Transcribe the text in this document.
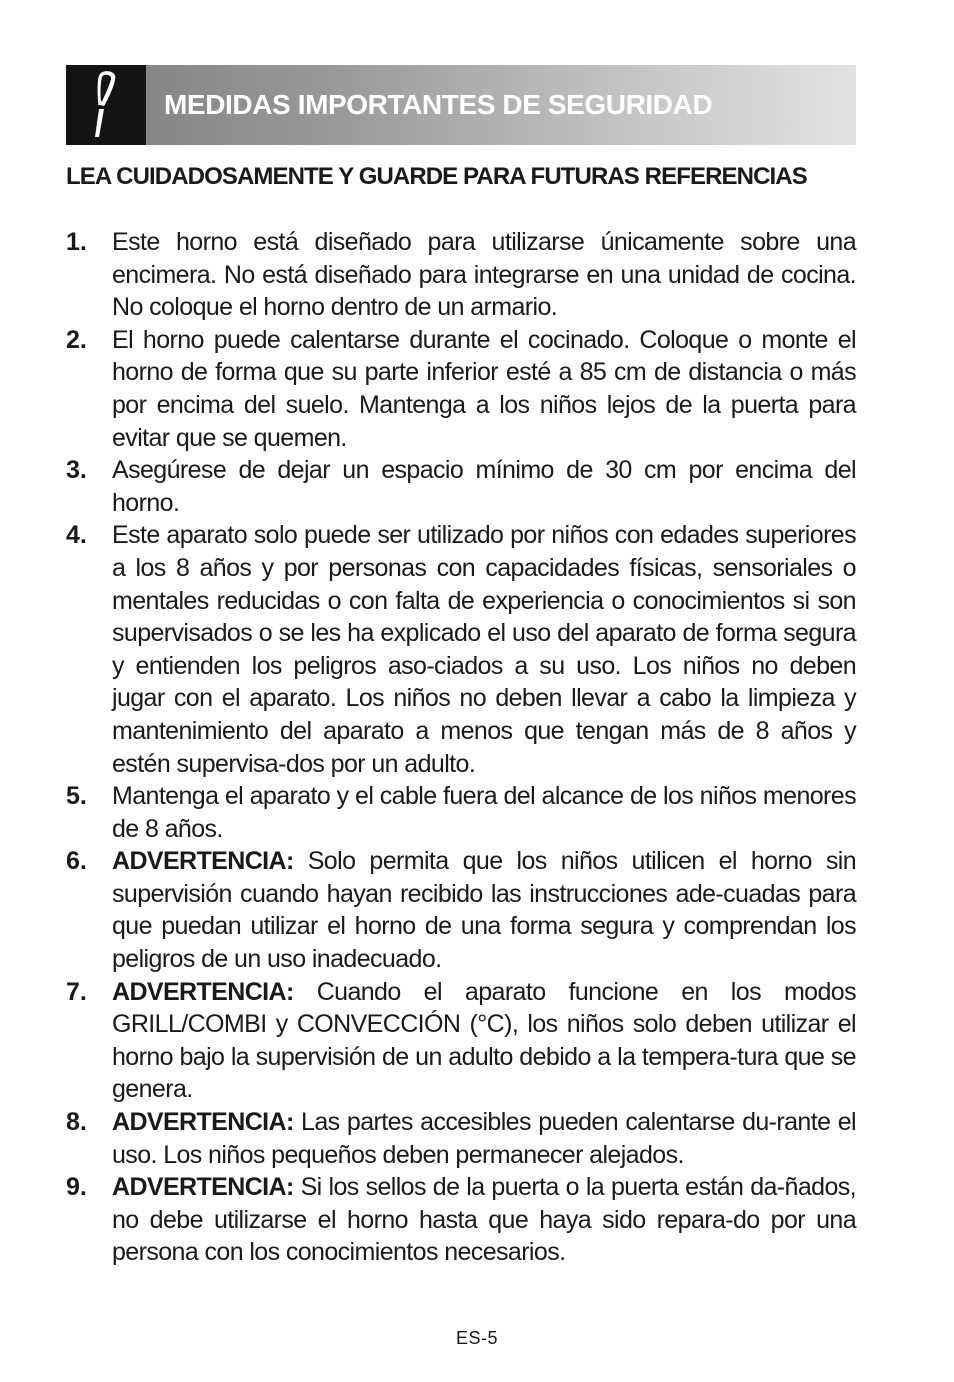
MEDIDAS IMPORTANTES DE SEGURIDAD
LEA CUIDADOSAMENTE Y GUARDE PARA FUTURAS REFERENCIAS
1. Este horno está diseñado para utilizarse únicamente sobre una encimera. No está diseñado para integrarse en una unidad de cocina. No coloque el horno dentro de un armario.
2. El horno puede calentarse durante el cocinado. Coloque o monte el horno de forma que su parte inferior esté a 85 cm de distancia o más por encima del suelo. Mantenga a los niños lejos de la puerta para evitar que se quemen.
3. Asegúrese de dejar un espacio mínimo de 30 cm por encima del horno.
4. Este aparato solo puede ser utilizado por niños con edades superiores a los 8 años y por personas con capacidades físicas, sensoriales o mentales reducidas o con falta de experiencia o conocimientos si son supervisados o se les ha explicado el uso del aparato de forma segura y entienden los peligros aso-ciados a su uso. Los niños no deben jugar con el aparato. Los niños no deben llevar a cabo la limpieza y mantenimiento del aparato a menos que tengan más de 8 años y estén supervisa-dos por un adulto.
5. Mantenga el aparato y el cable fuera del alcance de los niños menores de 8 años.
6. ADVERTENCIA: Solo permita que los niños utilicen el horno sin supervisión cuando hayan recibido las instrucciones ade-cuadas para que puedan utilizar el horno de una forma segura y comprendan los peligros de un uso inadecuado.
7. ADVERTENCIA: Cuando el aparato funcione en los modos GRILL/COMBI y CONVECCIÓN (°C), los niños solo deben utilizar el horno bajo la supervisión de un adulto debido a la tempera-tura que se genera.
8. ADVERTENCIA: Las partes accesibles pueden calentarse du-rante el uso. Los niños pequeños deben permanecer alejados.
9. ADVERTENCIA: Si los sellos de la puerta o la puerta están da-ñados, no debe utilizarse el horno hasta que haya sido repara-do por una persona con los conocimientos necesarios.
ES-5
